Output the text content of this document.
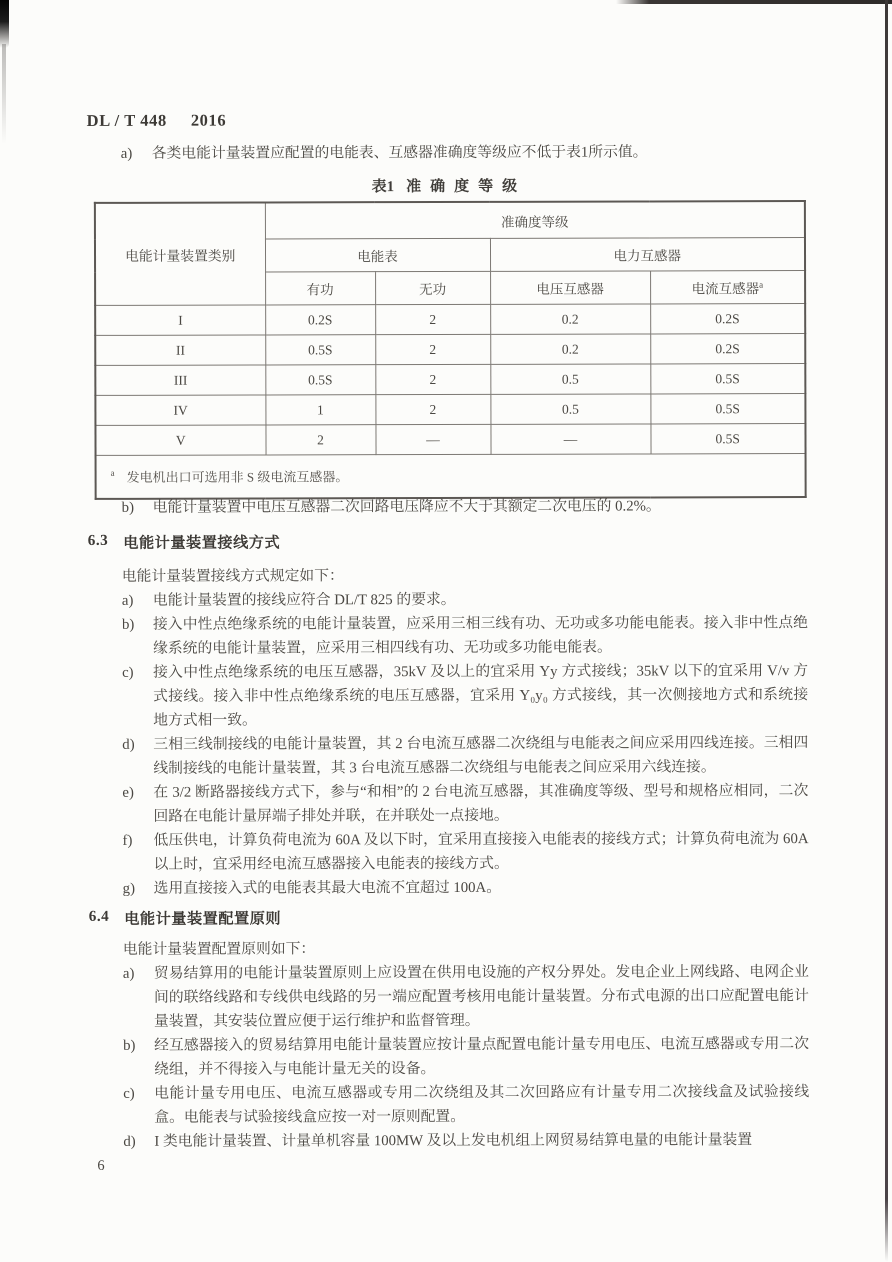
DL / T 448 2016
a)	各类电能计量装置应配置的电能表、互感器准确度等级应不低于表1所示值。
表1 准确度等级
电能计量装置类别	准确度等级			
	电能表		电力互感器	
	有功	无功	电压互感器	电流互感器$^a$
I	0.2S	2	0.2	0.2S
II	0.5S	2	0.2	0.2S
III	0.5S	2	0.5	0.5S
IV	1	2	0.5	0.5S
V	2	—	—	0.5S
$^a$ 发电机出口可选用非 S 级电流互感器。				
b)	电能计量装置中电压互感器二次回路电压降应不大于其额定二次电压的 0.2%。
6.3 电能计量装置接线方式
电能计量装置接线方式规定如下：
a)	电能计量装置的接线应符合 DL/T 825 的要求。
b)	接入中性点绝缘系统的电能计量装置，应采用三相三线有功、无功或多功能电能表。接入非中性点绝缘系统的电能计量装置，应采用三相四线有功、无功或多功能电能表。
c)	接入中性点绝缘系统的电压互感器，35kV 及以上的宜采用 Yy 方式接线；35kV 以下的宜采用 V/v 方式接线。接入非中性点绝缘系统的电压互感器，宜采用 Y₀y₀ 方式接线，其一次侧接地方式和系统接地方式相一致。
d)	三相三线制接线的电能计量装置，其 2 台电流互感器二次绕组与电能表之间应采用四线连接。三相四线制接线的电能计量装置，其 3 台电流互感器二次绕组与电能表之间应采用六线连接。
e)	在 3/2 断路器接线方式下，参与“和相”的 2 台电流互感器，其准确度等级、型号和规格应相同，二次回路在电能计量屏端子排处并联，在并联处一点接地。
f)	低压供电，计算负荷电流为 60A 及以下时，宜采用直接接入电能表的接线方式；计算负荷电流为 60A 以上时，宜采用经电流互感器接入电能表的接线方式。
g)	选用直接接入式的电能表其最大电流不宜超过 100A。
6.4 电能计量装置配置原则
电能计量装置配置原则如下：
a)	贸易结算用的电能计量装置原则上应设置在供用电设施的产权分界处。发电企业上网线路、电网企业间的联络线路和专线供电线路的另一端应配置考核用电能计量装置。分布式电源的出口应配置电能计量装置，其安装位置应便于运行维护和监督管理。
b)	经互感器接入的贸易结算用电能计量装置应按计量点配置电能计量专用电压、电流互感器或专用二次绕组，并不得接入与电能计量无关的设备。
c)	电能计量专用电压、电流互感器或专用二次绕组及其二次回路应有计量专用二次接线盒及试验接线盒。电能表与试验接线盒应按一对一原则配置。
d)	I 类电能计量装置、计量单机容量 100MW 及以上发电机组上网贸易结算电量的电能计量装置
6
